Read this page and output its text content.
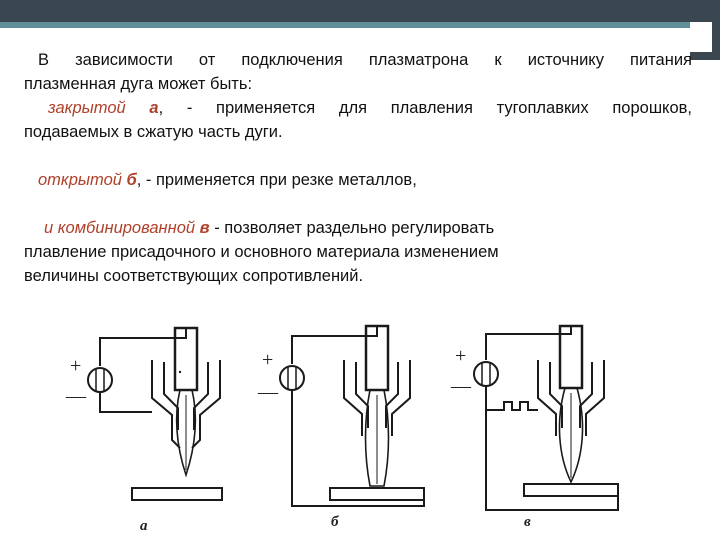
В зависимости от подключения плазматрона к источнику питания

плазменная дуга может быть:

закрытой а, - применяется для плавления тугоплавких порошков,

подаваемых в сжатую часть дуги.

открытой б, - применяется при резке металлов,

и комбинированной в - позволяет раздельно регулировать

плавление присадочного и основного материала изменением

величины соответствующих сопротивлений.

+
—
+
—
+
—
а	б	в
